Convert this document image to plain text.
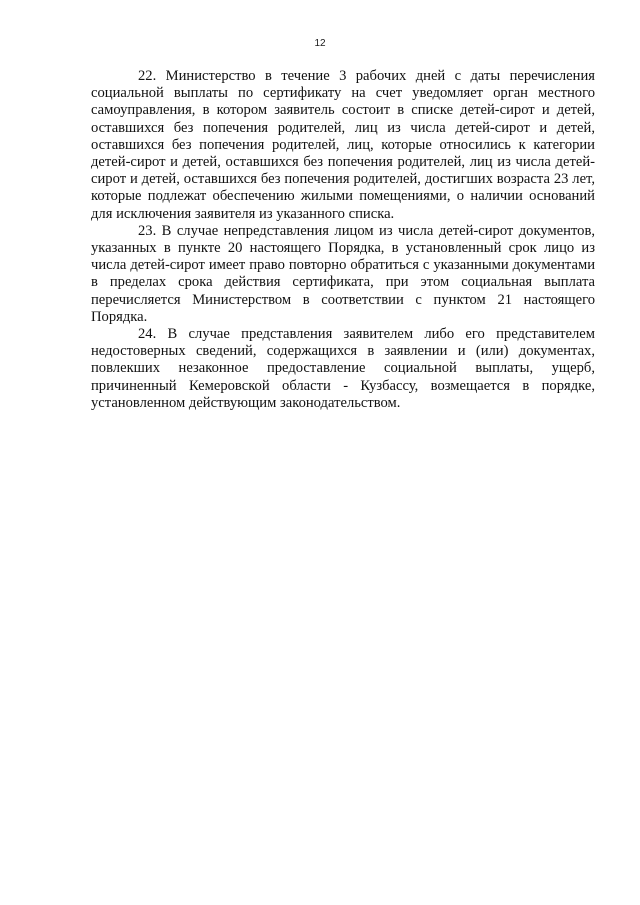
12

22. Министерство в течение 3 рабочих дней с даты перечисления социальной выплаты по сертификату на счет уведомляет орган местного самоуправления, в котором заявитель состоит в списке детей-сирот и детей, оставшихся без попечения родителей, лиц из числа детей-сирот и детей, оставшихся без попечения родителей, лиц, которые относились к категории детей-сирот и детей, оставшихся без попечения родителей, лиц из числа детей-сирот и детей, оставшихся без попечения родителей, достигших возраста 23 лет, которые подлежат обеспечению жилыми помещениями, о наличии оснований для исключения заявителя из указанного списка.

23. В случае непредставления лицом из числа детей-сирот документов, указанных в пункте 20 настоящего Порядка, в установленный срок лицо из числа детей-сирот имеет право повторно обратиться с указанными документами в пределах срока действия сертификата, при этом социальная выплата перечисляется Министерством в соответствии с пунктом 21 настоящего Порядка.

24. В случае представления заявителем либо его представителем недостоверных сведений, содержащихся в заявлении и (или) документах, повлекших незаконное предоставление социальной выплаты, ущерб, причиненный Кемеровской области - Кузбассу, возмещается в порядке, установленном действующим законодательством.
